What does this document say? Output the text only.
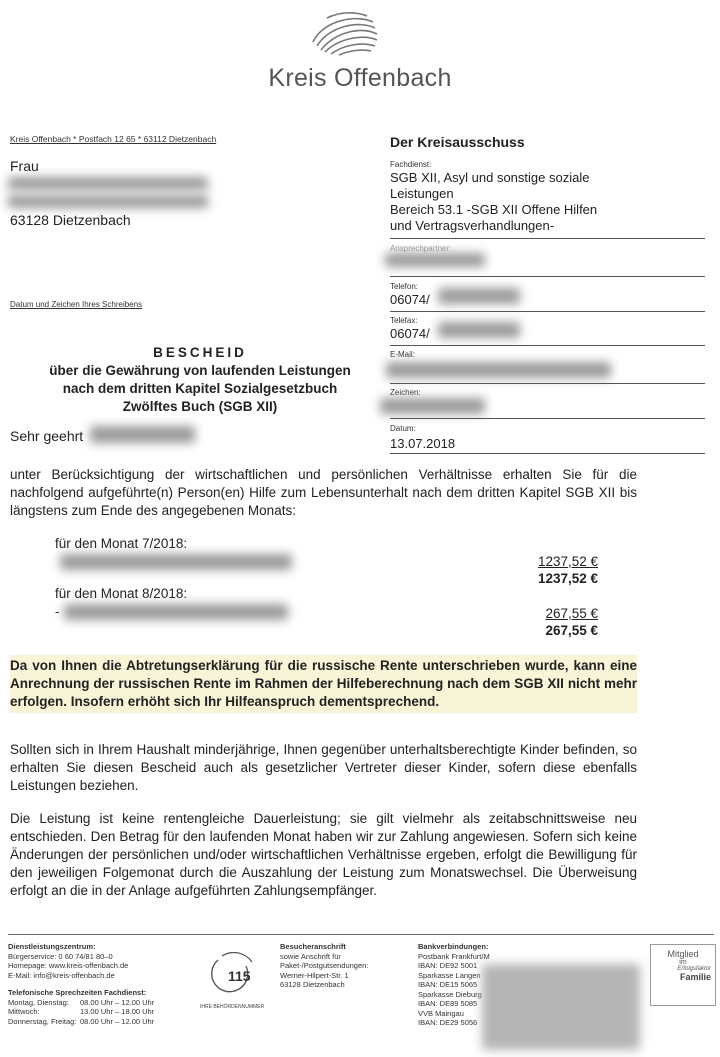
Kreis Offenbach
Kreis Offenbach * Postfach 12 65 * 63112 Dietzenbach
Frau
63128 Dietzenbach
Datum und Zeichen Ihres Schreibens
Der Kreisausschuss
Fachdienst:
SGB XII, Asyl und sonstige soziale
Leistungen
Bereich 53.1 -SGB XII Offene Hilfen
und Vertragsverhandlungen-
Ansprechpartner:
Telefon:
06074/
Telefax:
06074/
E-Mail:
Zeichen:
Datum:
13.07.2018
BESCHEID
über die Gewährung von laufenden Leistungen
nach dem dritten Kapitel Sozialgesetzbuch
Zwölftes Buch (SGB XII)
Sehr geehrt
unter Berücksichtigung der wirtschaftlichen und persönlichen Verhältnisse erhalten Sie für die nachfolgend aufgeführte(n) Person(en) Hilfe zum Lebensunterhalt nach dem dritten Kapitel SGB XII bis längstens zum Ende des angegebenen Monats:
für den Monat 7/2018:
1237,52 €
1237,52 €
für den Monat 8/2018:
-	267,55 €
267,55 €
Da von Ihnen die Abtretungserklärung für die russische Rente unterschrieben wurde, kann eine Anrechnung der russischen Rente im Rahmen der Hilfeberechnung nach dem SGB XII nicht mehr erfolgen. Insofern erhöht sich Ihr Hilfeanspruch dementsprechend.
Sollten sich in Ihrem Haushalt minderjährige, Ihnen gegenüber unterhaltsberechtigte Kinder befinden, so erhalten Sie diesen Bescheid auch als gesetzlicher Vertreter dieser Kinder, sofern diese ebenfalls Leistungen beziehen.
Die Leistung ist keine rentengleiche Dauerleistung; sie gilt vielmehr als zeitabschnittsweise neu entschieden. Den Betrag für den laufenden Monat haben wir zur Zahlung angewiesen. Sofern sich keine Änderungen der persönlichen und/oder wirtschaftlichen Verhältnisse ergeben, erfolgt die Bewilligung für den jeweiligen Folgemonat durch die Auszahlung der Leistung zum Monatswechsel. Die Überweisung erfolgt an die in der Anlage aufgeführten Zahlungsempfänger.
Dienstleistungszentrum:
Bürgerservice: 0 60 74/81 80–0
Homepage: www.kreis-offenbach.de
E-Mail: info@kreis-offenbach.de
Telefonische Sprechzeiten Fachdienst:
Montag, Dienstag:	08.00 Uhr – 12.00 Uhr
Mittwoch:	13.00 Uhr – 18.00 Uhr
Donnerstag, Freitag: 08.00 Uhr – 12.00 Uhr
115
IHRE BEHÖRDENNUMMER
Besucheranschrift
sowie Anschrift für
Paket-/Postgutsendungen:
Werner-Hilpert-Str. 1
63128 Dietzenbach
Bankverbindungen:
Postbank Frankfurt/M
IBAN: DE92 5001
Sparkasse Langen
IBAN: DE15 5065
Sparkasse Dieburg
IBAN: DE89 5085
VVB Maingau
IBAN: DE29 5056
Mitglied
im
Erfolgsfaktor
Familie
